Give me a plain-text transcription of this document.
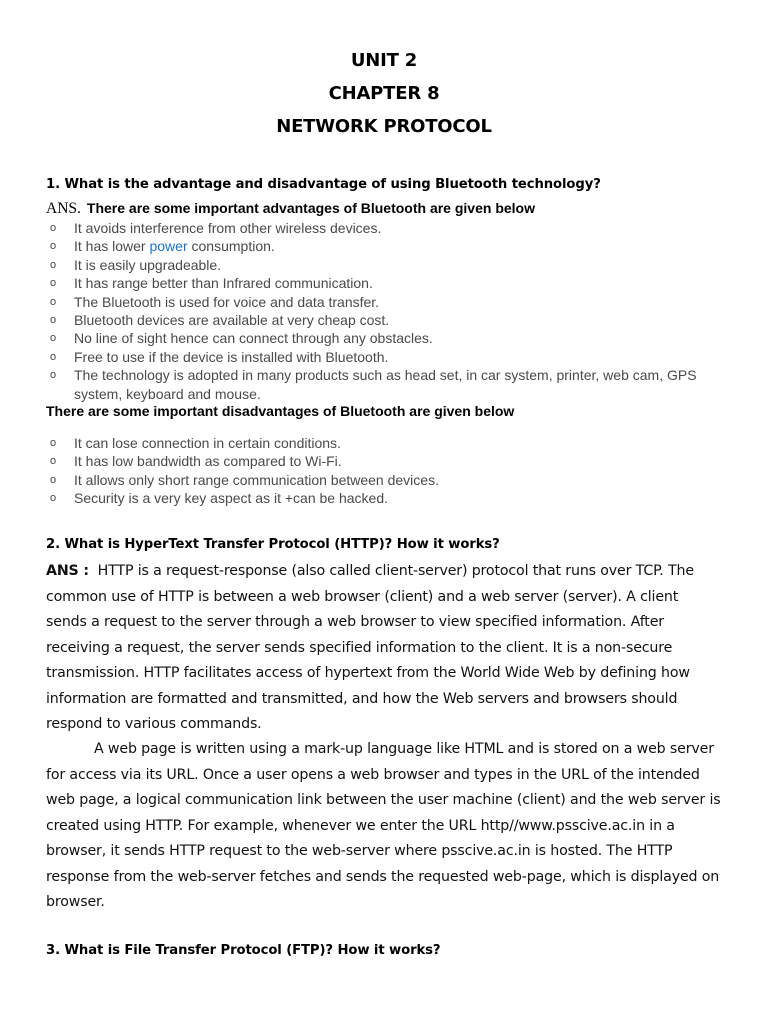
UNIT 2
CHAPTER 8
NETWORK PROTOCOL
1. What is the advantage and disadvantage of using Bluetooth technology?
ANS. There are some important advantages of Bluetooth are given below
o It avoids interference from other wireless devices.
o It has lower power consumption.
o It is easily upgradeable.
o It has range better than Infrared communication.
o The Bluetooth is used for voice and data transfer.
o Bluetooth devices are available at very cheap cost.
o No line of sight hence can connect through any obstacles.
o Free to use if the device is installed with Bluetooth.
o The technology is adopted in many products such as head set, in car system, printer, web cam, GPS system, keyboard and mouse.
There are some important disadvantages of Bluetooth are given below
o It can lose connection in certain conditions.
o It has low bandwidth as compared to Wi-Fi.
o It allows only short range communication between devices.
o Security is a very key aspect as it +can be hacked.
2. What is HyperText Transfer Protocol (HTTP)? How it works?
ANS : HTTP is a request-response (also called client-server) protocol that runs over TCP. The common use of HTTP is between a web browser (client) and a web server (server). A client sends a request to the server through a web browser to view specified information. After receiving a request, the server sends specified information to the client. It is a non-secure transmission. HTTP facilitates access of hypertext from the World Wide Web by defining how information are formatted and transmitted, and how the Web servers and browsers should respond to various commands.
A web page is written using a mark-up language like HTML and is stored on a web server for access via its URL. Once a user opens a web browser and types in the URL of the intended web page, a logical communication link between the user machine (client) and the web server is created using HTTP. For example, whenever we enter the URL http//www.psscive.ac.in in a browser, it sends HTTP request to the web-server where psscive.ac.in is hosted. The HTTP response from the web-server fetches and sends the requested web-page, which is displayed on browser.
3. What is File Transfer Protocol (FTP)? How it works?
